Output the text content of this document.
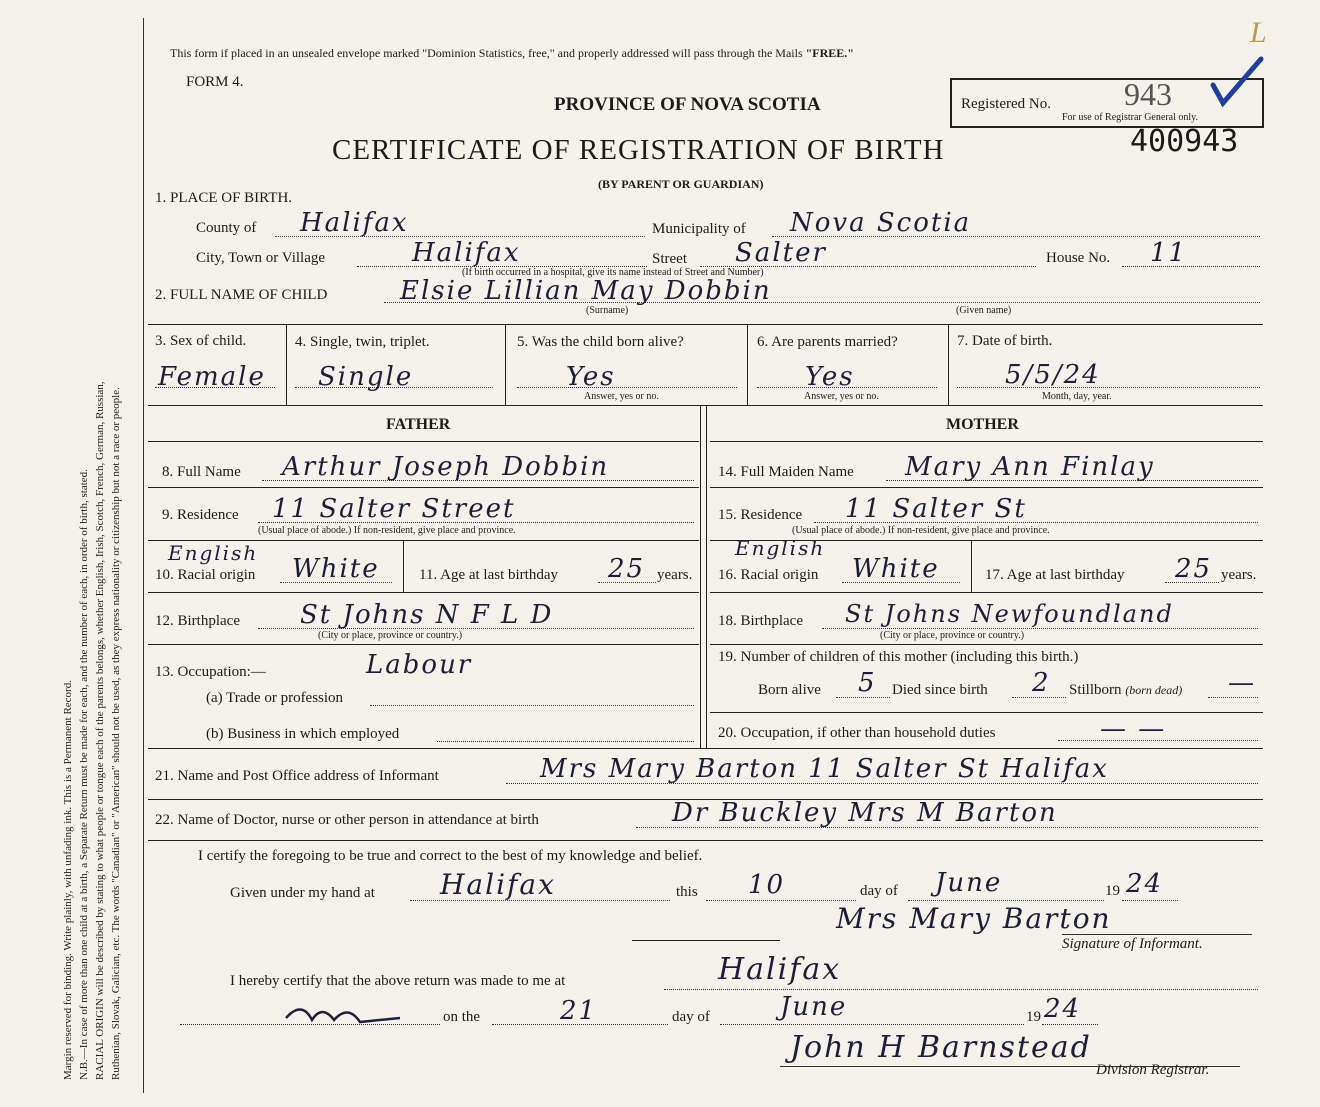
Margin reserved for binding. Write plainly, with unfading ink. This is a Permanent Record. N.B.—In case of more than one child at a birth, a Separate Return must be made for each, and the number of each, in order of birth, stated. RACIAL ORIGIN will be described by stating to what people or tongue each of the parents belongs, whether English, Irish, Scotch, French, German, Russian, Ruthenian, Slovak, Galician, etc. The words "Canadian" or "American" should not be used, as they express nationality or citizenship but not a race or people.
This form if placed in an unsealed envelope marked "Dominion Statistics, free," and properly addressed will pass through the Mails "FREE."
FORM 4.
PROVINCE OF NOVA SCOTIA
CERTIFICATE OF REGISTRATION OF BIRTH
(BY PARENT OR GUARDIAN)
Registered No. 943
For use of Registrar General only.
400943
L
1. PLACE OF BIRTH.
County of Halifax	Municipality of Nova Scotia
City, Town or Village	Halifax	Street Salter	House No. 11
(If birth occurred in a hospital, give its name instead of Street and Number)
2. FULL NAME OF CHILD	Elsie Lillian May Dobbin
(Surname)	(Given name)
3. Sex of child.
Female
4. Single, twin, triplet.
Single
5. Was the child born alive?
Yes
Answer, yes or no.
6. Are parents married?
Yes
Answer, yes or no.
7. Date of birth.
5/5/24
Month, day, year.
FATHER	MOTHER
8. Full Name Arthur Joseph Dobbin
9. Residence 11 Salter Street
(Usual place of abode.) If non-resident, give place and province.
10. Racial origin
English
White	11. Age at last birthday 25 years.
12. Birthplace St Johns N F L D
(City or place, province or country.)
13. Occupation:—	Labour
(a) Trade or profession
(b) Business in which employed
14. Full Maiden Name Mary Ann Finlay
15. Residence 11 Salter St
(Usual place of abode.) If non-resident, give place and province.
16. Racial origin
English
White	17. Age at last birthday 25 years.
18. Birthplace St Johns Newfoundland
(City or place, province or country.)
19. Number of children of this mother (including this birth.)
Born alive 5 Died since birth 2 Stillborn (born dead) —
20. Occupation, if other than household duties	— —
21. Name and Post Office address of Informant	Mrs Mary Barton 11 Salter St Halifax
22. Name of Doctor, nurse or other person in attendance at birth	Dr Buckley Mrs M Barton
I certify the foregoing to be true and correct to the best of my knowledge and belief.
Given under my hand at Halifax	this 10	day of June	19 24
Mrs Mary Barton
Signature of Informant.
I hereby certify that the above return was made to me at	Halifax
on the	21	day of	June	19 24
John H Barnstead
Division Registrar.
